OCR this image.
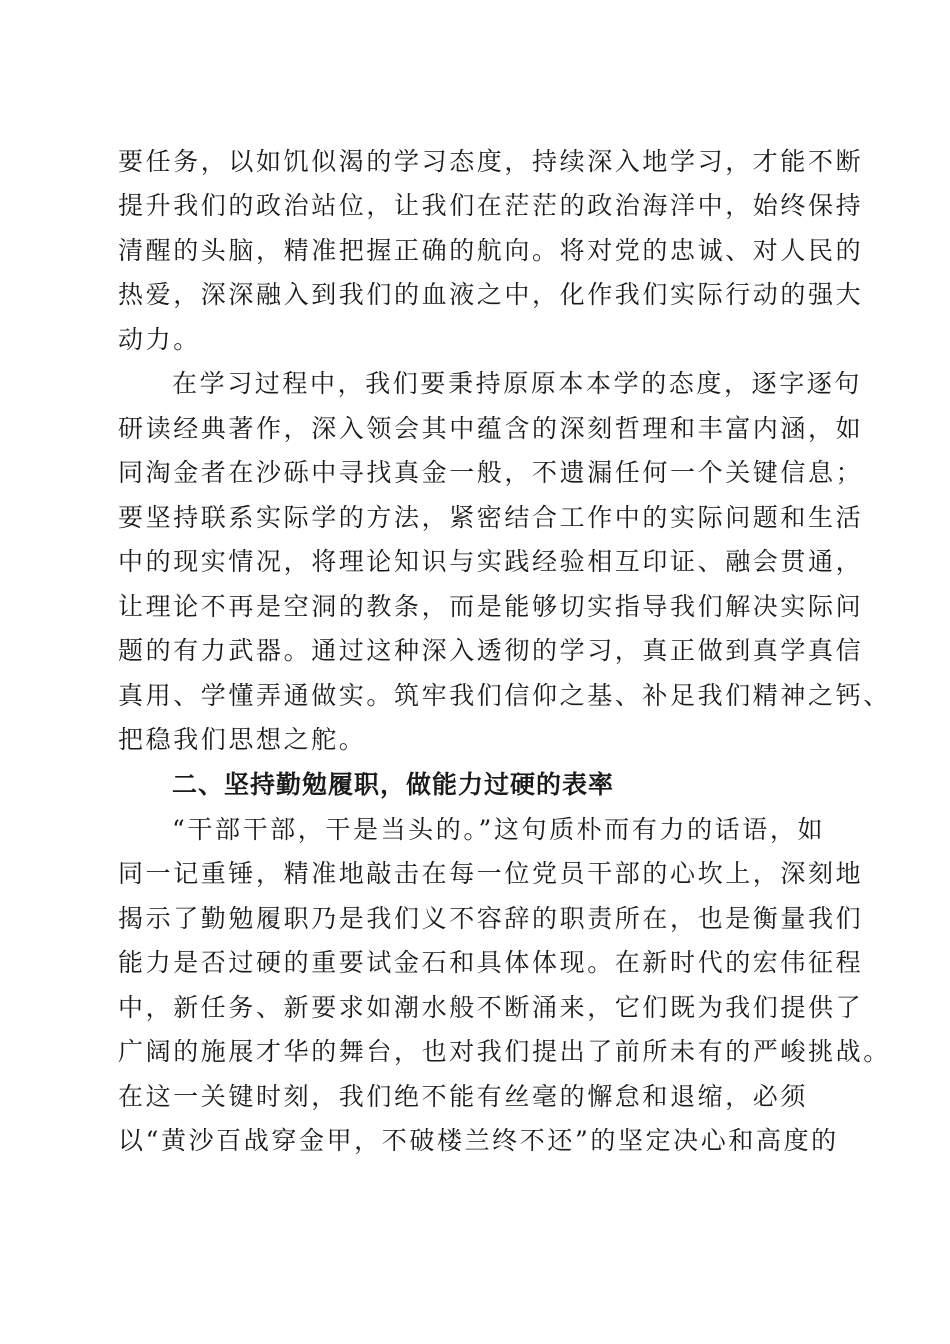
要任务，以如饥似渴的学习态度，持续深入地学习，才能不断
提升我们的政治站位，让我们在茫茫的政治海洋中，始终保持
清醒的头脑，精准把握正确的航向。将对党的忠诚、对人民的
热爱，深深融入到我们的血液之中，化作我们实际行动的强大
动力。
在学习过程中，我们要秉持原原本本学的态度，逐字逐句
研读经典著作，深入领会其中蕴含的深刻哲理和丰富内涵，如
同淘金者在沙砾中寻找真金一般，不遗漏任何一个关键信息；
要坚持联系实际学的方法，紧密结合工作中的实际问题和生活
中的现实情况，将理论知识与实践经验相互印证、融会贯通，
让理论不再是空洞的教条，而是能够切实指导我们解决实际问
题的有力武器。通过这种深入透彻的学习，真正做到真学真信
真用、学懂弄通做实。筑牢我们信仰之基、补足我们精神之钙、
把稳我们思想之舵。
二、坚持勤勉履职，做能力过硬的表率
“干部干部，干是当头的。”这句质朴而有力的话语，如
同一记重锤，精准地敲击在每一位党员干部的心坎上，深刻地
揭示了勤勉履职乃是我们义不容辞的职责所在，也是衡量我们
能力是否过硬的重要试金石和具体体现。在新时代的宏伟征程
中，新任务、新要求如潮水般不断涌来，它们既为我们提供了
广阔的施展才华的舞台，也对我们提出了前所未有的严峻挑战。
在这一关键时刻，我们绝不能有丝毫的懈怠和退缩，必须
以“黄沙百战穿金甲，不破楼兰终不还”的坚定决心和高度的
